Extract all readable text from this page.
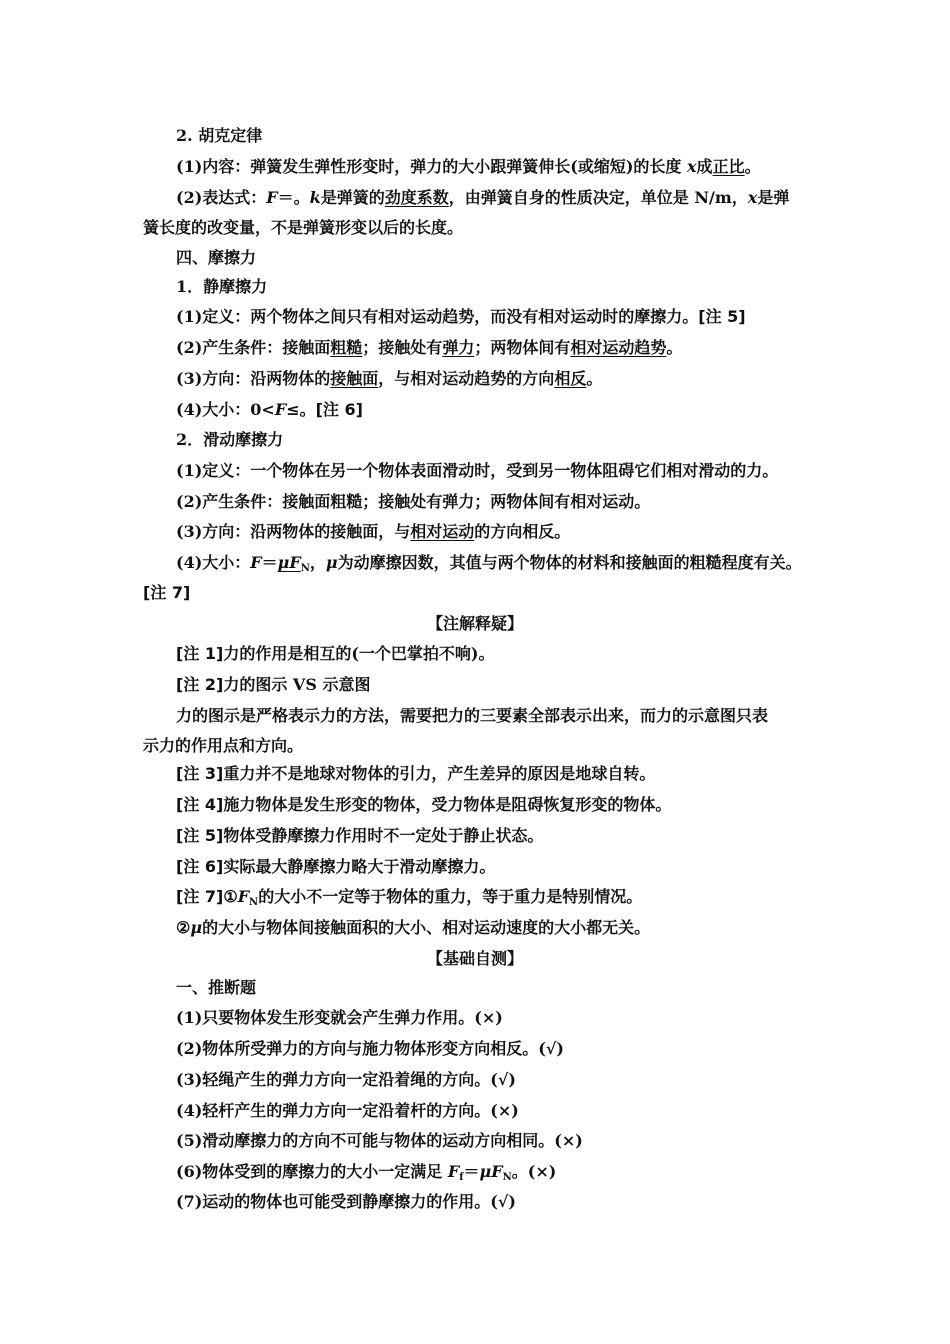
2. 胡克定律
(1)内容：弹簧发生弹性形变时，弹力的大小跟弹簧伸长(或缩短)的长度 x成正比。
(2)表达式：F＝。k是弹簧的劲度系数，由弹簧自身的性质决定，单位是 N/m，x是弹
簧长度的改变量，不是弹簧形变以后的长度。
四、摩擦力
1．静摩擦力
(1)定义：两个物体之间只有相对运动趋势，而没有相对运动时的摩擦力。[注 5]
(2)产生条件：接触面粗糙；接触处有弹力；两物体间有相对运动趋势。
(3)方向：沿两物体的接触面，与相对运动趋势的方向相反。
(4)大小：0<F≤。[注 6]
2．滑动摩擦力
(1)定义：一个物体在另一个物体表面滑动时，受到另一物体阻碍它们相对滑动的力。
(2)产生条件：接触面粗糙；接触处有弹力；两物体间有相对运动。
(3)方向：沿两物体的接触面，与相对运动的方向相反。
(4)大小：$F=\mu F_N$，μ为动摩擦因数，其值与两个物体的材料和接触面的粗糙程度有关。
[注 7]
【注解释疑】
[注 1]力的作用是相互的(一个巴掌拍不响)。
[注 2]力的图示 VS 示意图
力的图示是严格表示力的方法，需要把力的三要素全部表示出来，而力的示意图只表
示力的作用点和方向。
[注 3]重力并不是地球对物体的引力，产生差异的原因是地球自转。
[注 4]施力物体是发生形变的物体，受力物体是阻碍恢复形变的物体。
[注 5]物体受静摩擦力作用时不一定处于静止状态。
[注 6]实际最大静摩擦力略大于滑动摩擦力。
[注 $7]①F_N$的大小不一定等于物体的重力，等于重力是特别情况。
②μ的大小与物体间接触面积的大小、相对运动速度的大小都无关。
【基础自测】
一、推断题
(1)只要物体发生形变就会产生弹力作用。(×)
(2)物体所受弹力的方向与施力物体形变方向相反。(√)
(3)轻绳产生的弹力方向一定沿着绳的方向。(√)
(4)轻杆产生的弹力方向一定沿着杆的方向。(×)
(5)滑动摩擦力的方向不可能与物体的运动方向相同。(×)
(6)物体受到的摩擦力的大小一定满足 $F_f=\mu F_N$。(×)
(7)运动的物体也可能受到静摩擦力的作用。(√)
